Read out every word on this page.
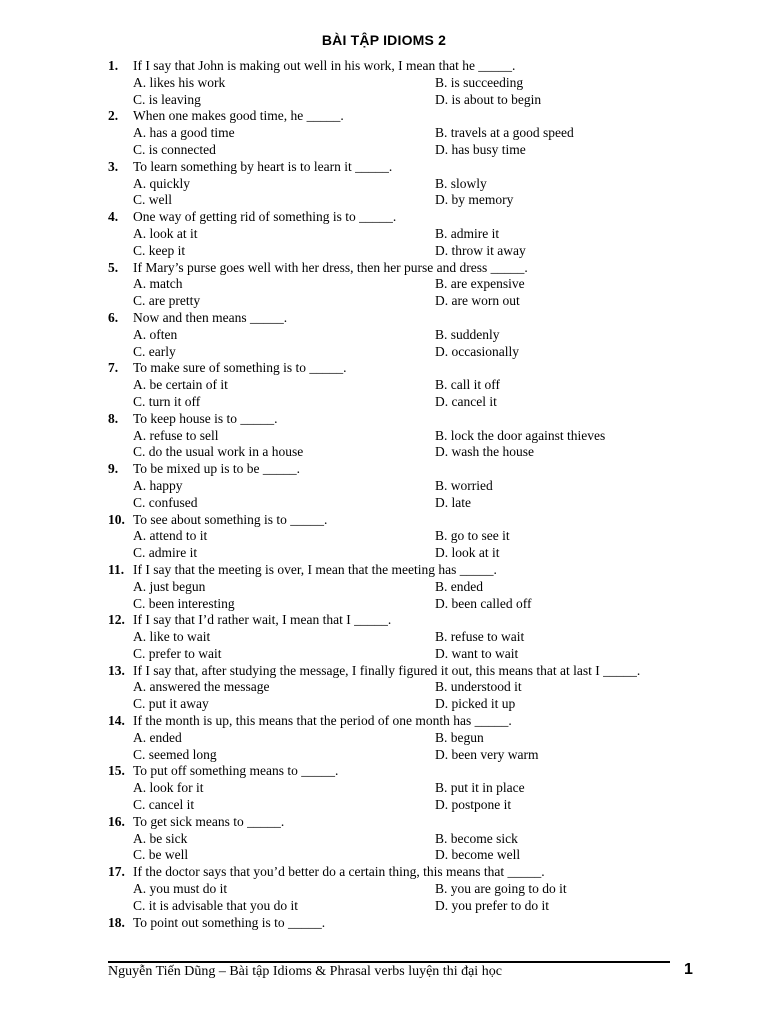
BÀI TẬP IDIOMS 2
1.	If I say that John is making out well in his work, I mean that he _____.
A. likes his work	B. is succeeding
C. is leaving	D. is about to begin
2.	When one makes good time, he _____.
A. has a good time	B. travels at a good speed
C. is connected	D. has busy time
3.	To learn something by heart is to learn it _____.
A. quickly	B. slowly
C. well	D. by memory
4.	One way of getting rid of something is to _____.
A. look at it	B. admire it
C. keep it	D. throw it away
5.	If Mary’s purse goes well with her dress, then her purse and dress _____.
A. match	B. are expensive
C. are pretty	D. are worn out
6.	Now and then means _____.
A. often	B. suddenly
C. early	D. occasionally
7.	To make sure of something is to _____.
A. be certain of it	B. call it off
C. turn it off	D. cancel it
8.	To keep house is to _____.
A. refuse to sell	B. lock the door against thieves
C. do the usual work in a house	D. wash the house
9.	To be mixed up is to be _____.
A. happy	B. worried
C. confused	D. late
10. To see about something is to _____.
A. attend to it	B. go to see it
C. admire it	D. look at it
11. If I say that the meeting is over, I mean that the meeting has _____.
A. just begun	B. ended
C. been interesting	D. been called off
12. If I say that I’d rather wait, I mean that I _____.
A. like to wait	B. refuse to wait
C. prefer to wait	D. want to wait
13. If I say that, after studying the message, I finally figured it out, this means that at last I _____.
A. answered the message	B. understood it
C. put it away	D. picked it up
14. If the month is up, this means that the period of one month has _____.
A. ended	B. begun
C. seemed long	D. been very warm
15. To put off something means to _____.
A. look for it	B. put it in place
C. cancel it	D. postpone it
16. To get sick means to _____.
A. be sick	B. become sick
C. be well	D. become well
17. If the doctor says that you’d better do a certain thing, this means that _____.
A. you must do it	B. you are going to do it
C. it is advisable that you do it	D. you prefer to do it
18. To point out something is to _____.
Nguyễn Tiến Dũng – Bài tập Idioms & Phrasal verbs luyện thi đại học	1
